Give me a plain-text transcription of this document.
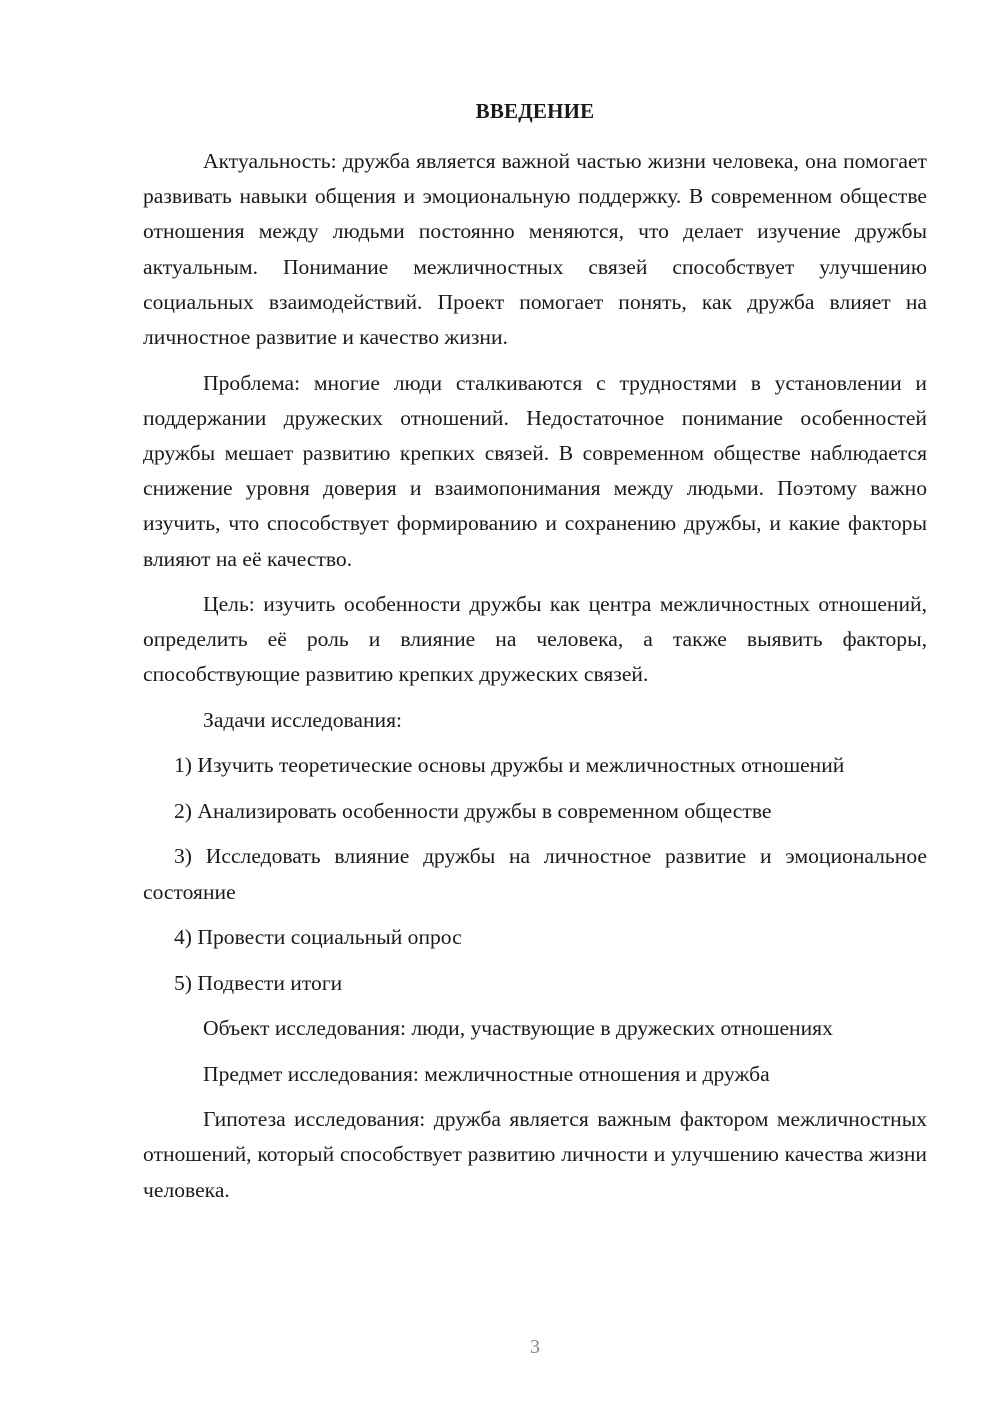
ВВЕДЕНИЕ

Актуальность: дружба является важной частью жизни человека, она помогает развивать навыки общения и эмоциональную поддержку. В современном обществе отношения между людьми постоянно меняются, что делает изучение дружбы актуальным. Понимание межличностных связей способствует улучшению социальных взаимодействий. Проект помогает понять, как дружба влияет на личностное развитие и качество жизни.

Проблема: многие люди сталкиваются с трудностями в установлении и поддержании дружеских отношений. Недостаточное понимание особенностей дружбы мешает развитию крепких связей. В современном обществе наблюдается снижение уровня доверия и взаимопонимания между людьми. Поэтому важно изучить, что способствует формированию и сохранению дружбы, и какие факторы влияют на её качество.

Цель: изучить особенности дружбы как центра межличностных отношений, определить её роль и влияние на человека, а также выявить факторы, способствующие развитию крепких дружеских связей.

Задачи исследования:

1) Изучить теоретические основы дружбы и межличностных отношений

2) Анализировать особенности дружбы в современном обществе

3) Исследовать влияние дружбы на личностное развитие и эмоциональное состояние

4) Провести социальный опрос

5) Подвести итоги

Объект исследования: люди, участвующие в дружеских отношениях

Предмет исследования: межличностные отношения и дружба

Гипотеза исследования: дружба является важным фактором межличностных отношений, который способствует развитию личности и улучшению качества жизни человека.

3
